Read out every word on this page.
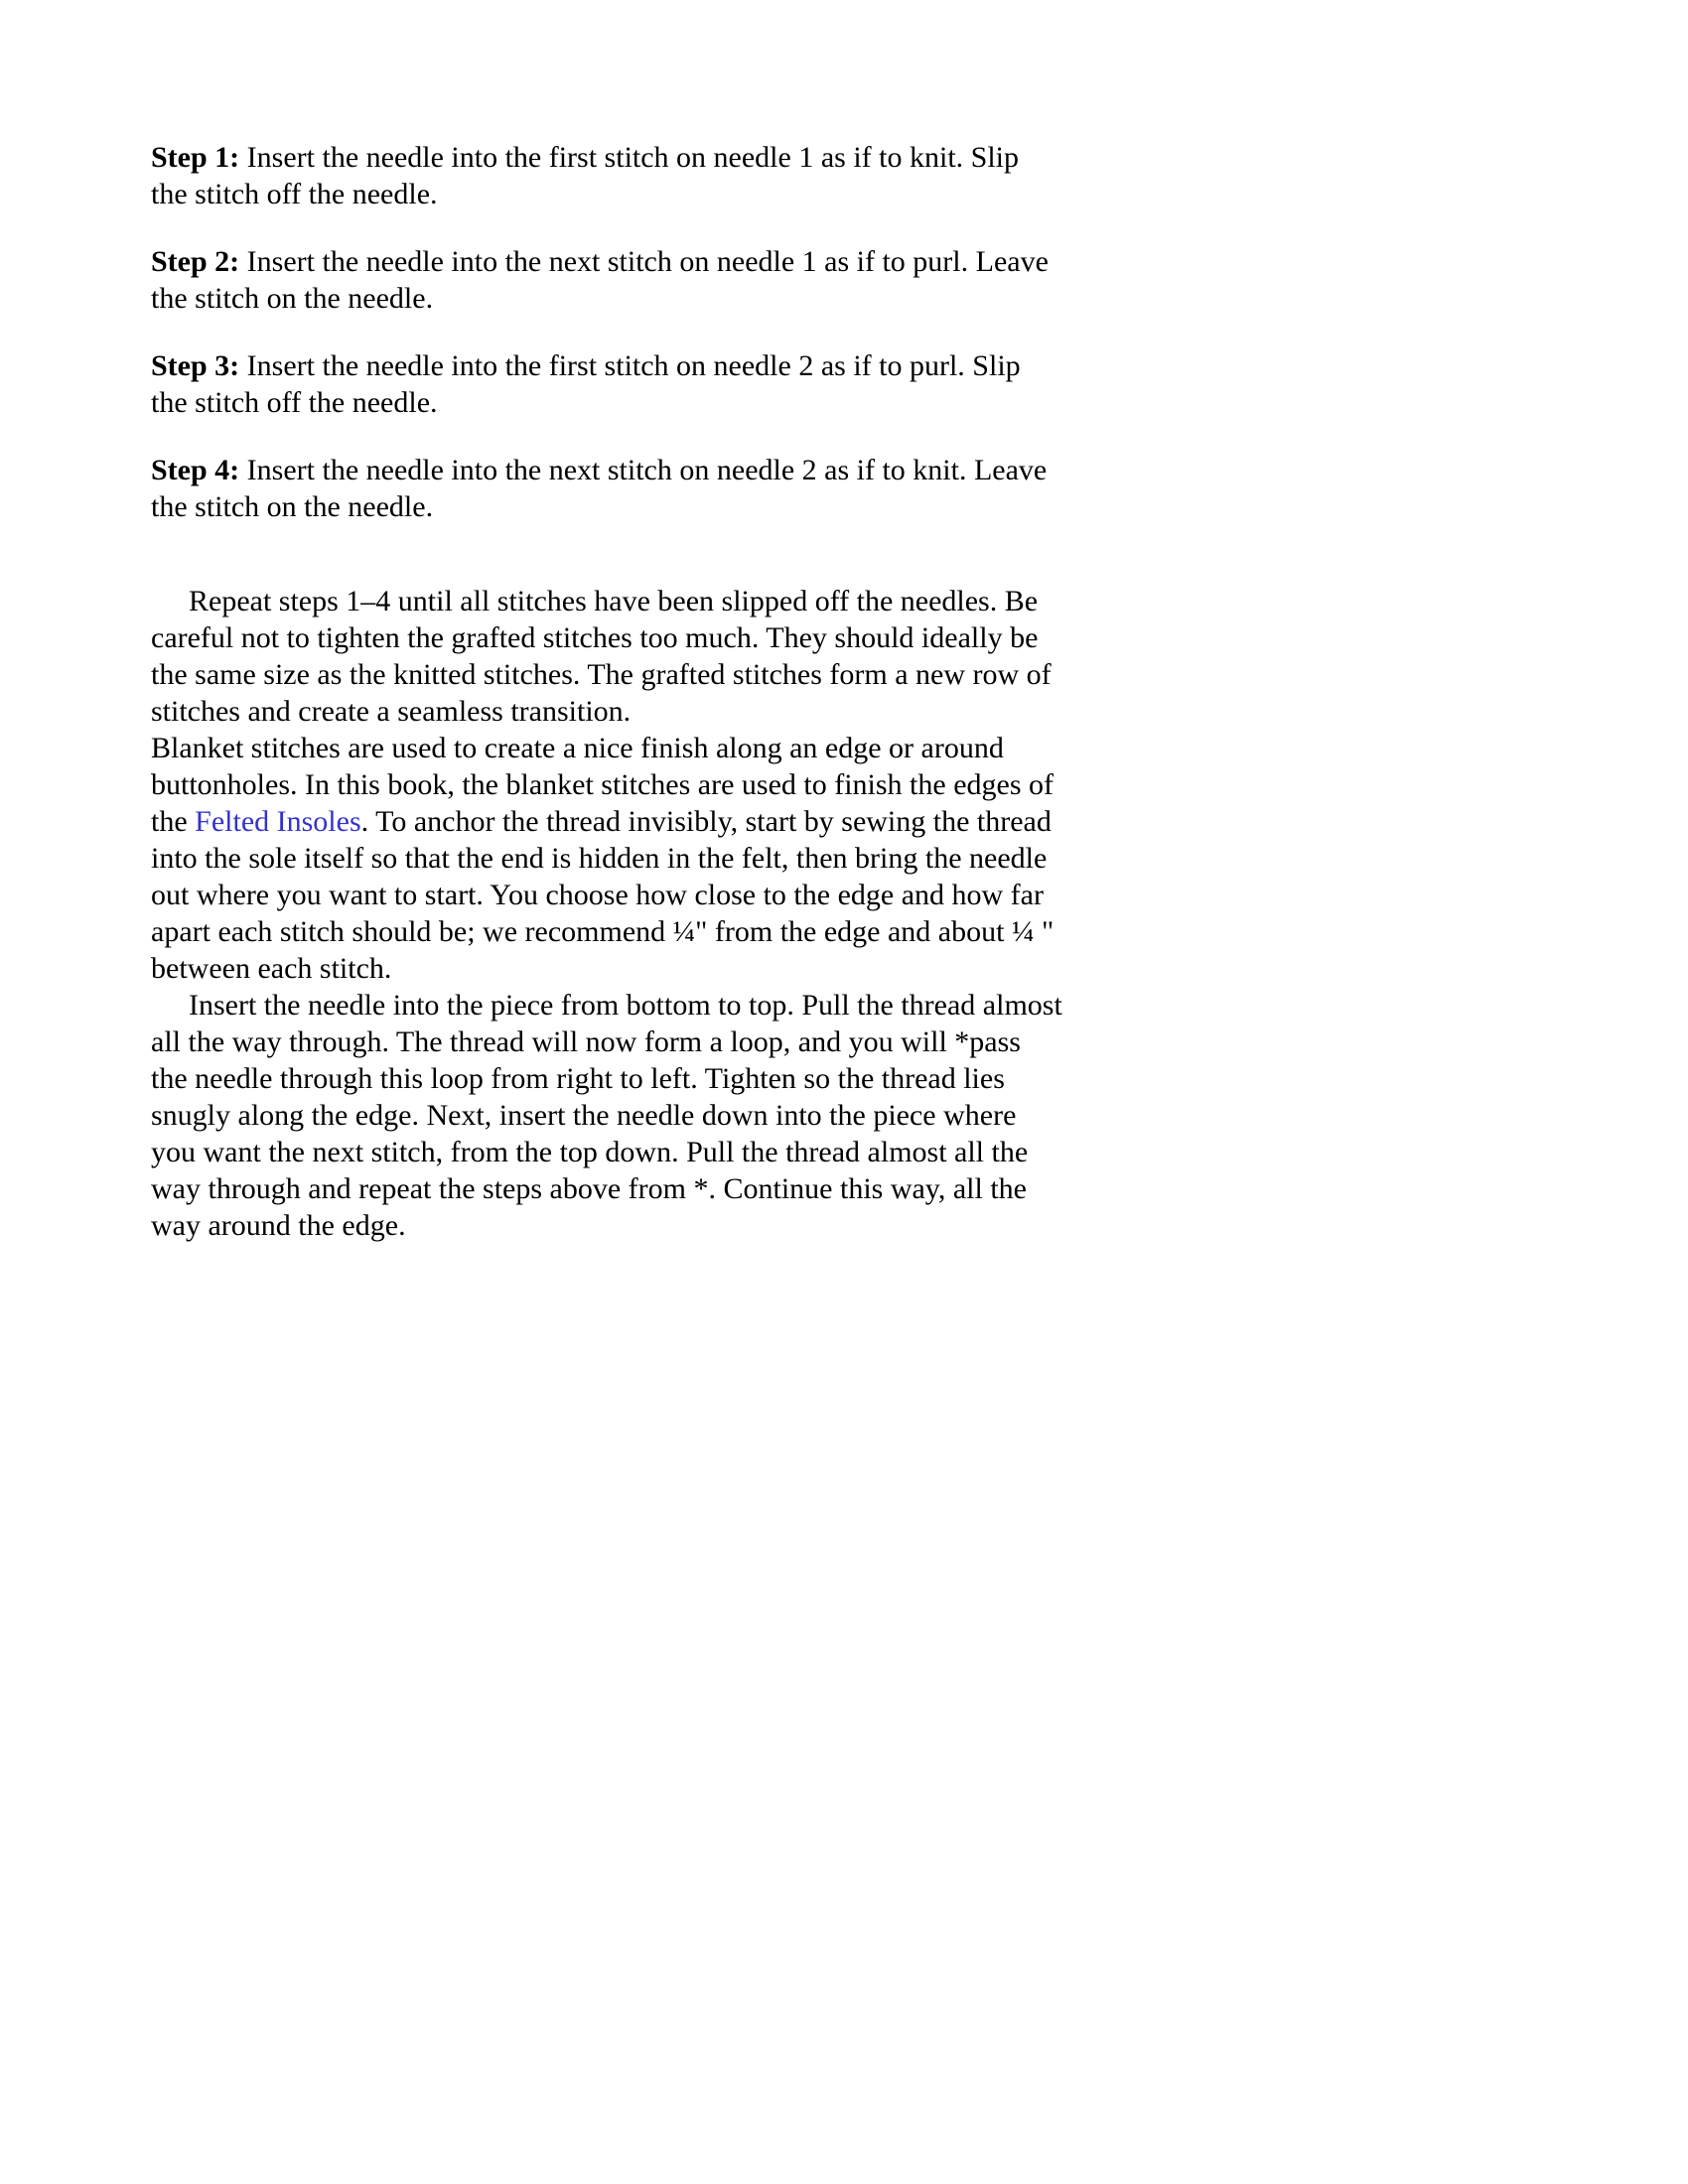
Step 1: Insert the needle into the first stitch on needle 1 as if to knit. Slip the stitch off the needle.

Step 2: Insert the needle into the next stitch on needle 1 as if to purl. Leave the stitch on the needle.

Step 3: Insert the needle into the first stitch on needle 2 as if to purl. Slip the stitch off the needle.

Step 4: Insert the needle into the next stitch on needle 2 as if to knit. Leave the stitch on the needle.

Repeat steps 1–4 until all stitches have been slipped off the needles. Be careful not to tighten the grafted stitches too much. They should ideally be the same size as the knitted stitches. The grafted stitches form a new row of stitches and create a seamless transition.

Blanket stitches are used to create a nice finish along an edge or around buttonholes. In this book, the blanket stitches are used to finish the edges of the Felted Insoles. To anchor the thread invisibly, start by sewing the thread into the sole itself so that the end is hidden in the felt, then bring the needle out where you want to start. You choose how close to the edge and how far apart each stitch should be; we recommend ¼" from the edge and about ¼ " between each stitch.

Insert the needle into the piece from bottom to top. Pull the thread almost all the way through. The thread will now form a loop, and you will *pass the needle through this loop from right to left. Tighten so the thread lies snugly along the edge. Next, insert the needle down into the piece where you want the next stitch, from the top down. Pull the thread almost all the way through and repeat the steps above from *. Continue this way, all the way around the edge.
